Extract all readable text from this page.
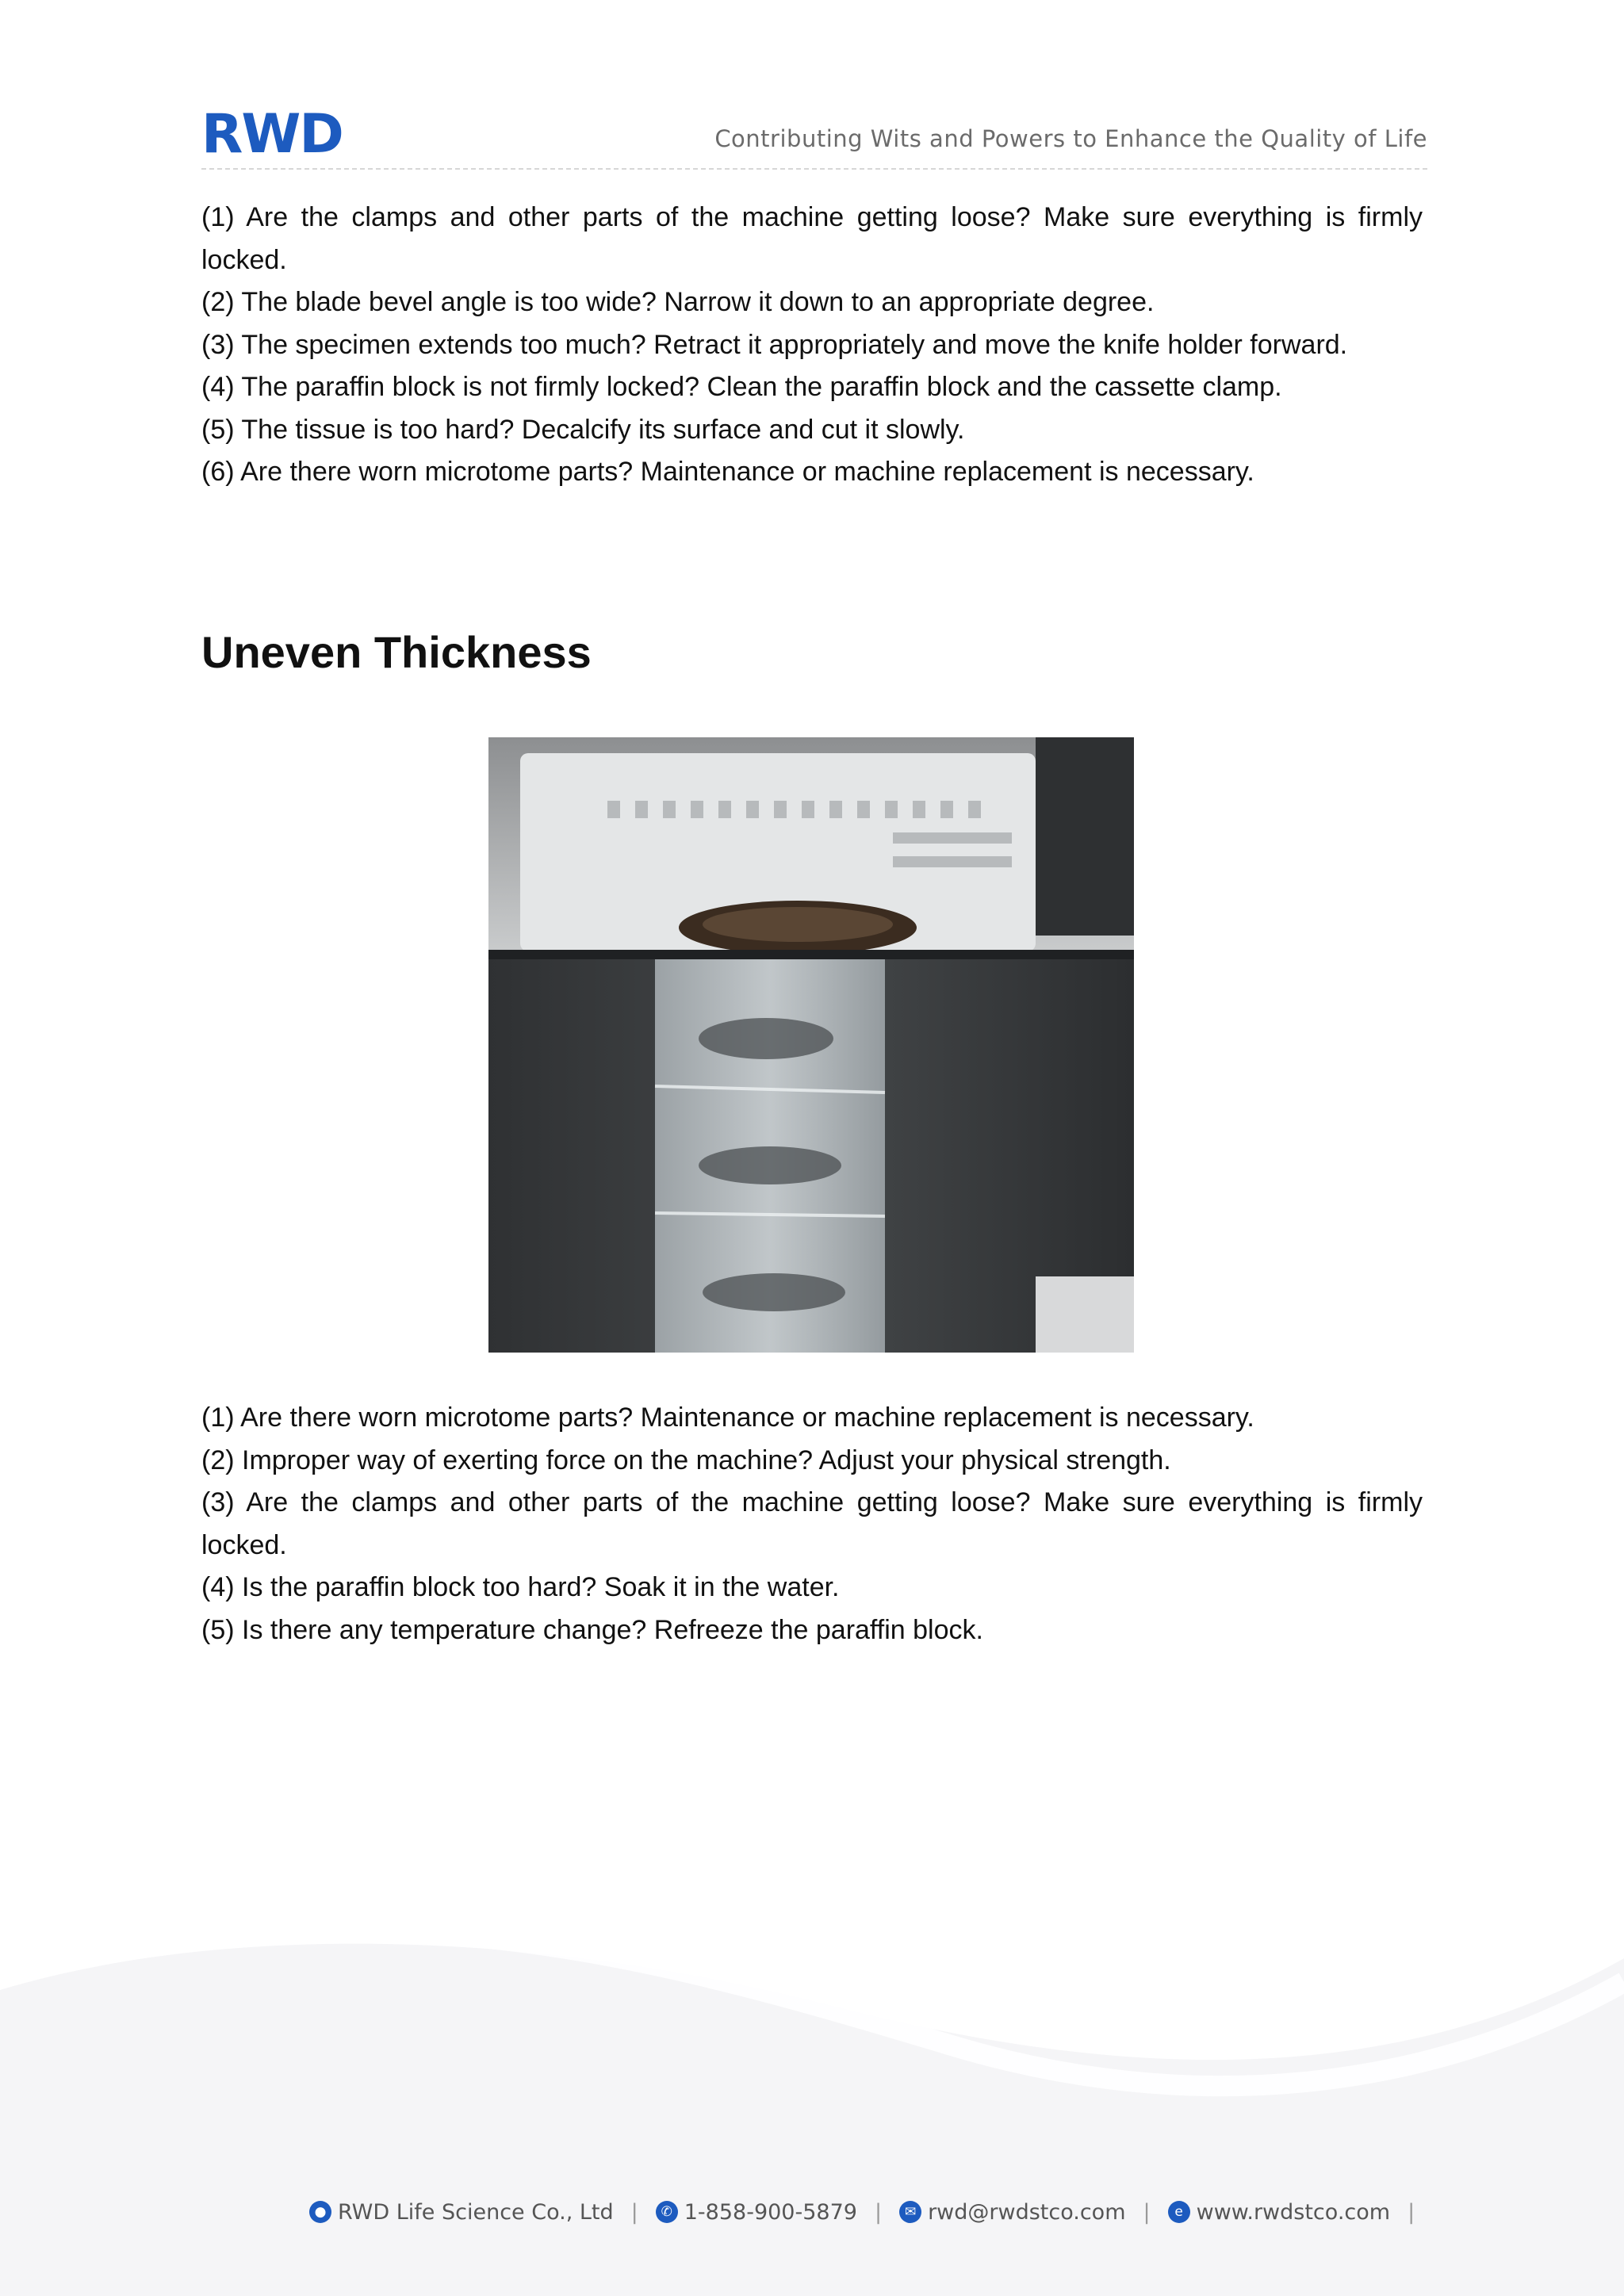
RWD	Contributing Wits and Powers to Enhance the Quality of Life

(1) Are the clamps and other parts of the machine getting loose? Make sure everything is firmly locked.

(2) The blade bevel angle is too wide? Narrow it down to an appropriate degree.

(3) The specimen extends too much? Retract it appropriately and move the knife holder forward.

(4) The paraffin block is not firmly locked? Clean the paraffin block and the cassette clamp.

(5) The tissue is too hard? Decalcify its surface and cut it slowly.

(6) Are there worn microtome parts? Maintenance or machine replacement is necessary.

Uneven Thickness

(1) Are there worn microtome parts? Maintenance or machine replacement is necessary.

(2) Improper way of exerting force on the machine? Adjust your physical strength.

(3) Are the clamps and other parts of the machine getting loose? Make sure everything is firmly locked.

(4) Is the paraffin block too hard? Soak it in the water.

(5) Is there any temperature change? Refreeze the paraffin block.

● RWD Life Science Co., Ltd |	✆ 1-858-900-5879 |	✉ rwd@rwdstco.com |	e www.rwdstco.com |
